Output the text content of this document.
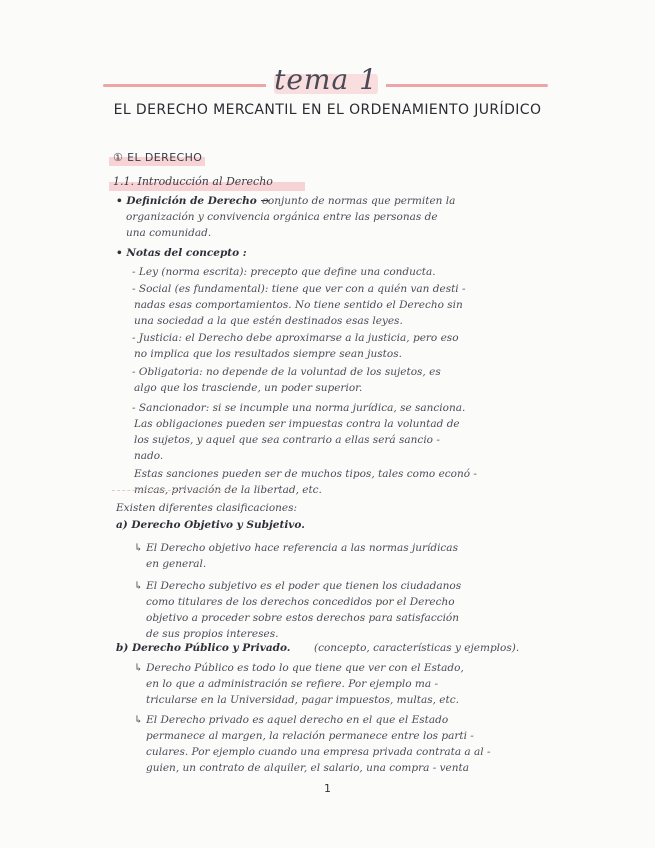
tema 1
EL DERECHO MERCANTIL EN EL ORDENAMIENTO JURÍDICO
① EL DERECHO
1.1. Introducción al Derecho
• Definición de Derecho →
conjunto de normas que permiten la
organización y convivencia orgánica entre las personas de
una comunidad.
• Notas del concepto :
- Ley (norma escrita): precepto que define una conducta.
- Social (es fundamental): tiene que ver con a quién van desti -
nadas esas comportamientos. No tiene sentido el Derecho sin
una sociedad a la que estén destinados esas leyes.
- Justicia: el Derecho debe aproximarse a la justicia, pero eso
no implica que los resultados siempre sean justos.
- Obligatoria: no depende de la voluntad de los sujetos, es
algo que los trasciende, un poder superior.
- Sancionador: si se incumple una norma jurídica, se sanciona.
Las obligaciones pueden ser impuestas contra la voluntad de
los sujetos, y aquel que sea contrario a ellas será sancio -
nado.
Estas sanciones pueden ser de muchos tipos, tales como econó -
micas, privación de la libertad, etc.
Existen diferentes clasificaciones:
a) Derecho Objetivo y Subjetivo.
↳ El Derecho objetivo hace referencia a las normas jurídicas
en general.
↳ El Derecho subjetivo es el poder que tienen los ciudadanos
como titulares de los derechos concedidos por el Derecho
objetivo a proceder sobre estos derechos para satisfacción
de sus propios intereses.
b) Derecho Público y Privado. (concepto, características y ejemplos).
↳ Derecho Público es todo lo que tiene que ver con el Estado,
en lo que a administración se refiere. Por ejemplo ma -
tricularse en la Universidad, pagar impuestos, multas, etc.
↳ El Derecho privado es aquel derecho en el que el Estado
permanece al margen, la relación permanece entre los parti -
culares. Por ejemplo cuando una empresa privada contrata a al -
guien, un contrato de alquiler, el salario, una compra - venta
1
